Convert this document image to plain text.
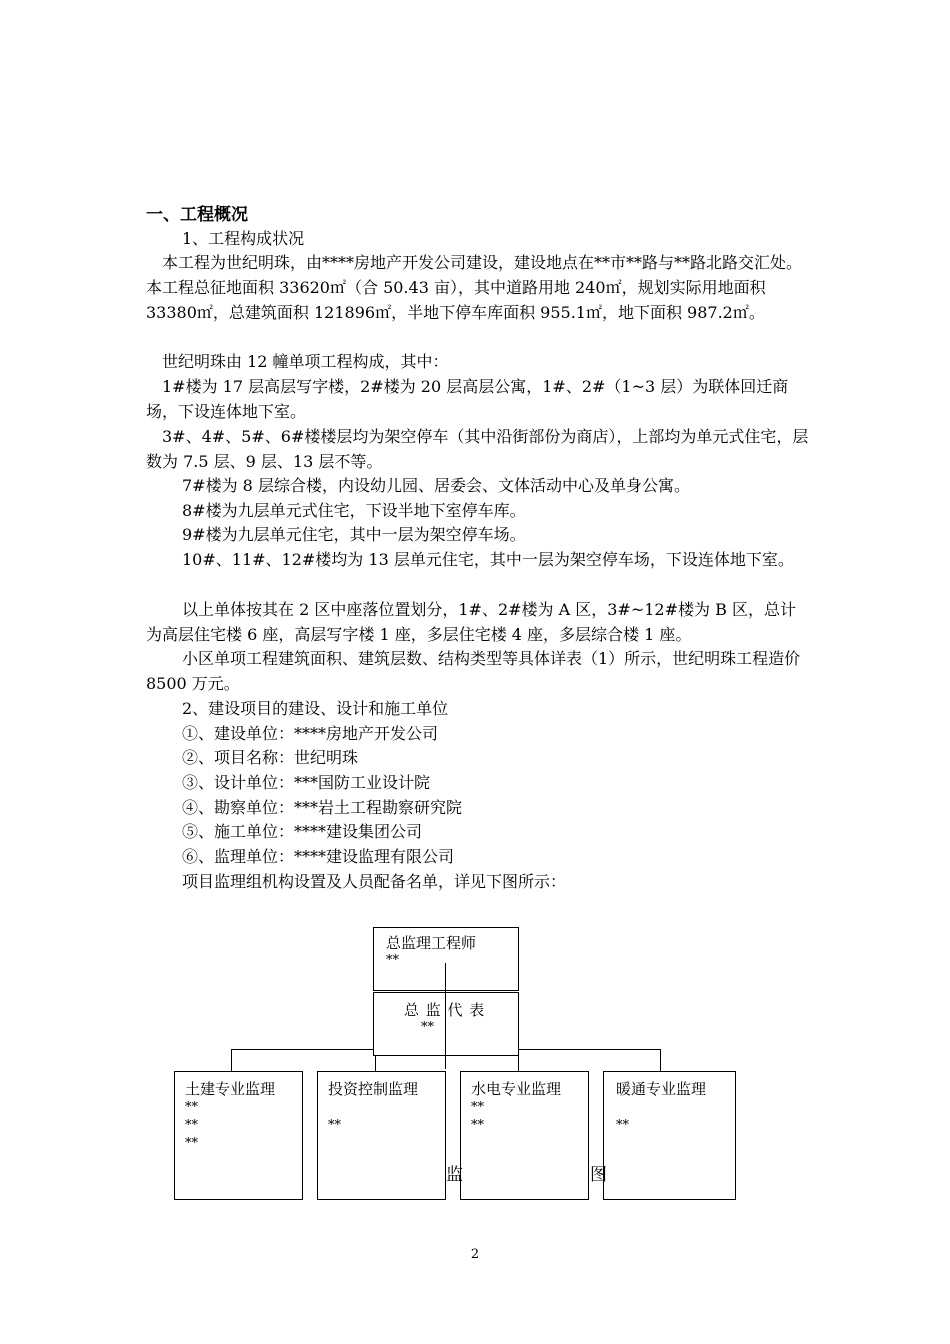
一、工程概况
1、工程构成状况

本工程为世纪明珠，由****房地产开发公司建设，建设地点在**市**路与**路北路交汇处。本工程总征地面积 33620㎡（合 50.43 亩），其中道路用地 240㎡，规划实际用地面积 33380㎡，总建筑面积 121896㎡，半地下停车库面积 955.1㎡，地下面积 987.2㎡。

世纪明珠由 12 幢单项工程构成，其中：

1#楼为 17 层高层写字楼，2#楼为 20 层高层公寓，1#、2#（1~3 层）为联体回迁商场，下设连体地下室。

3#、4#、5#、6#楼楼层均为架空停车（其中沿街部份为商店），上部均为单元式住宅，层数为 7.5 层、9 层、13 层不等。

7#楼为 8 层综合楼，内设幼儿园、居委会、文体活动中心及单身公寓。
8#楼为九层单元式住宅，下设半地下室停车库。
9#楼为九层单元住宅，其中一层为架空停车场。

10#、11#、12#楼均为 13 层单元住宅，其中一层为架空停车场，下设连体地下室。

以上单体按其在 2 区中座落位置划分，1#、2#楼为 A 区，3#~12#楼为 B 区，总计为高层住宅楼 6 座，高层写字楼 1 座，多层住宅楼 4 座，多层综合楼 1 座。

小区单项工程建筑面积、建筑层数、结构类型等具体详表（1）所示，世纪明珠工程造价 8500 万元。

2、建设项目的建设、设计和施工单位
①、建设单位：****房地产开发公司
②、项目名称：世纪明珠
③、设计单位：***国防工业设计院
④、勘察单位：***岩土工程勘察研究院
⑤、施工单位：****建设集团公司
⑥、监理单位：****建设监理有限公司
项目监理组机构设置及人员配备名单，详见下图所示：
总监理工程师
**
总 监 代 表
**
土建专业监理
**
**
**
投资控制监理
**
水电专业监理
**
**
暖通专业监理
**
监	图
2
